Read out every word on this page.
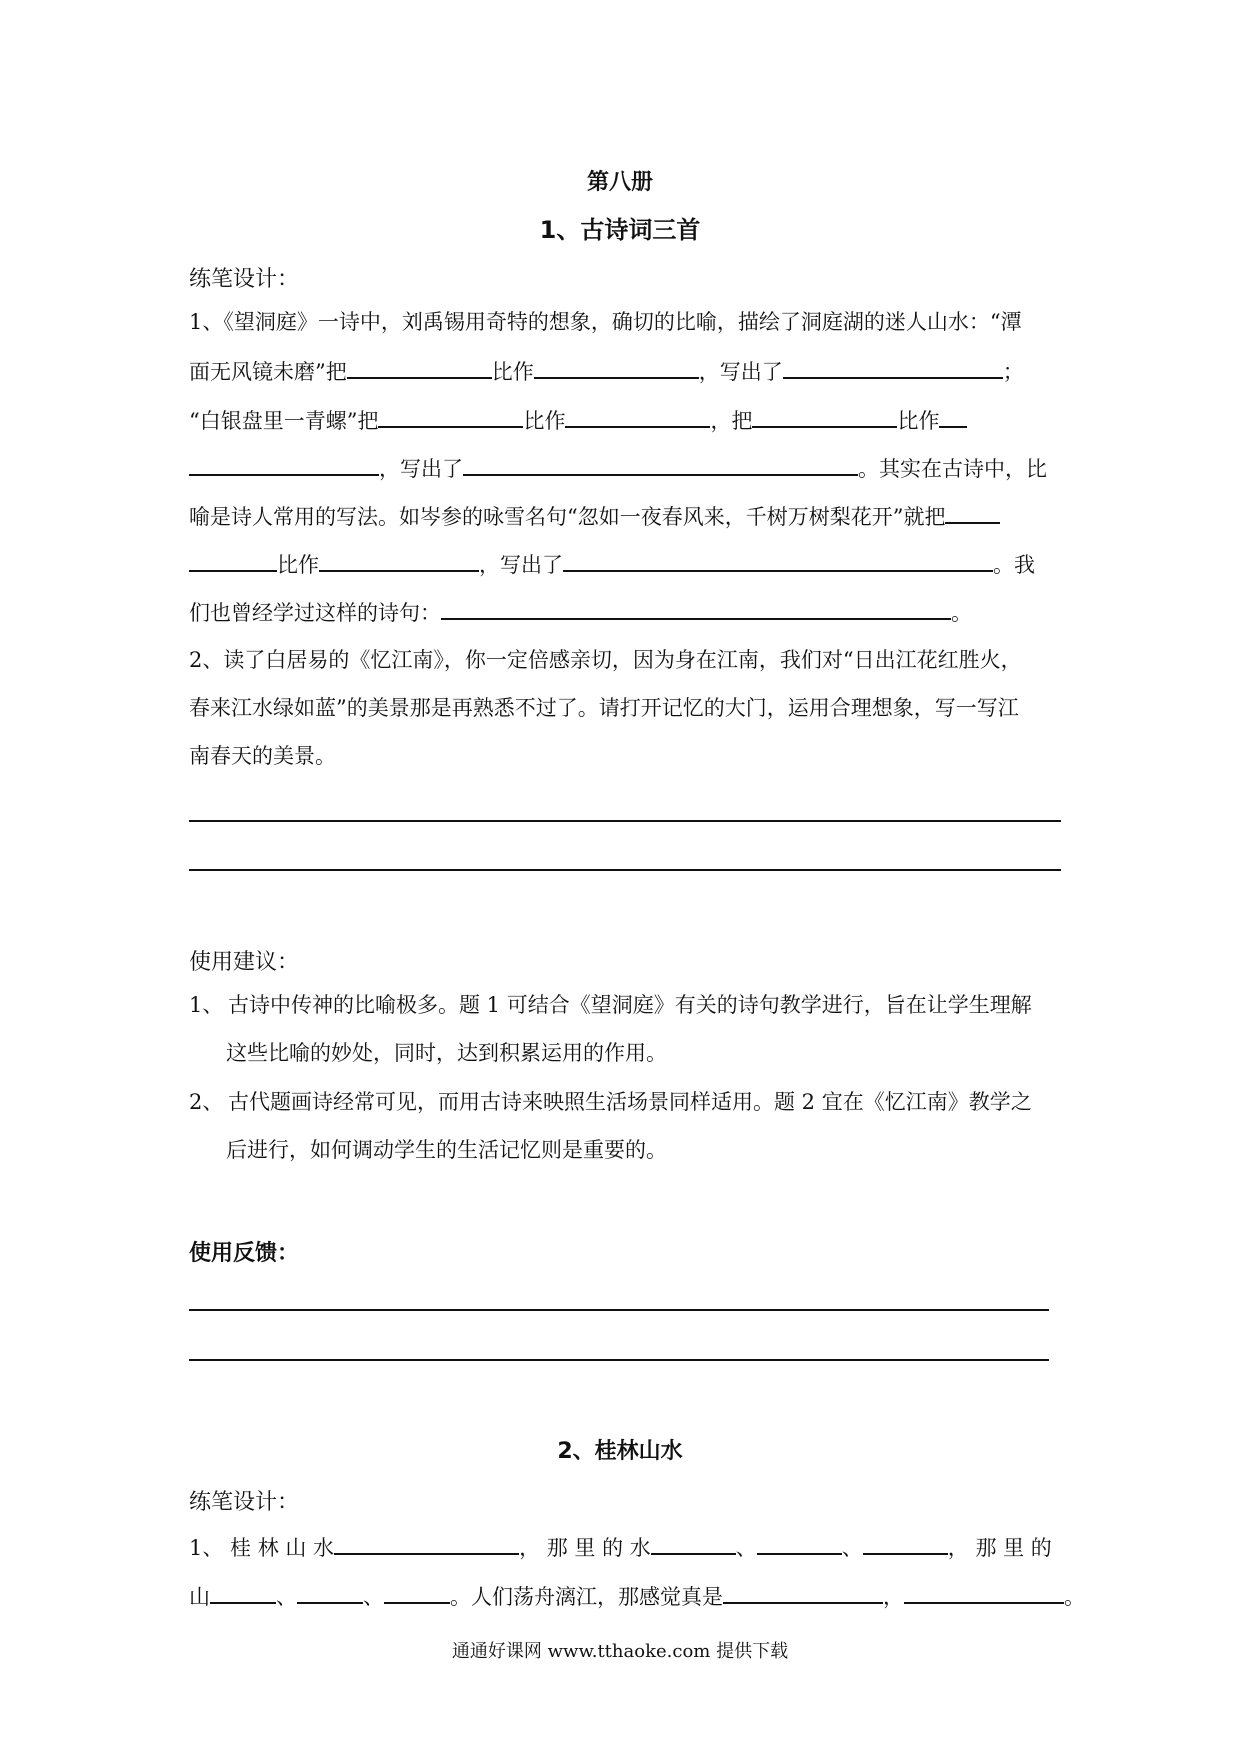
第八册
1、古诗词三首
练笔设计：
1、《望洞庭》一诗中，刘禹锡用奇特的想象，确切的比喻，描绘了洞庭湖的迷人山水：“潭
面无风镜未磨”把	比作	，写出了	；
“白银盘里一青螺”把	比作	，把	比作
，写出了	。其实在古诗中，比
喻是诗人常用的写法。如岑参的咏雪名句“忽如一夜春风来，千树万树梨花开”就把
比作	，写出了	。我
们也曾经学过这样的诗句：	。
2、读了白居易的《忆江南》，你一定倍感亲切，因为身在江南，我们对“日出江花红胜火，
春来江水绿如蓝”的美景那是再熟悉不过了。请打开记忆的大门，运用合理想象，写一写江
南春天的美景。
使用建议：
1、 古诗中传神的比喻极多。题 1 可结合《望洞庭》有关的诗句教学进行，旨在让学生理解
这些比喻的妙处，同时，达到积累运用的作用。
2、 古代题画诗经常可见，而用古诗来映照生活场景同样适用。题 2 宜在《忆江南》教学之
后进行，如何调动学生的生活记忆则是重要的。
使用反馈：
2、桂林山水
练笔设计：
1、 桂 林 山 水	， 那 里 的 水	、	、	， 那 里 的
山	、	、	。人们荡舟漓江，那感觉真是	，	。
通通好课网 www.tthaoke.com 提供下载
